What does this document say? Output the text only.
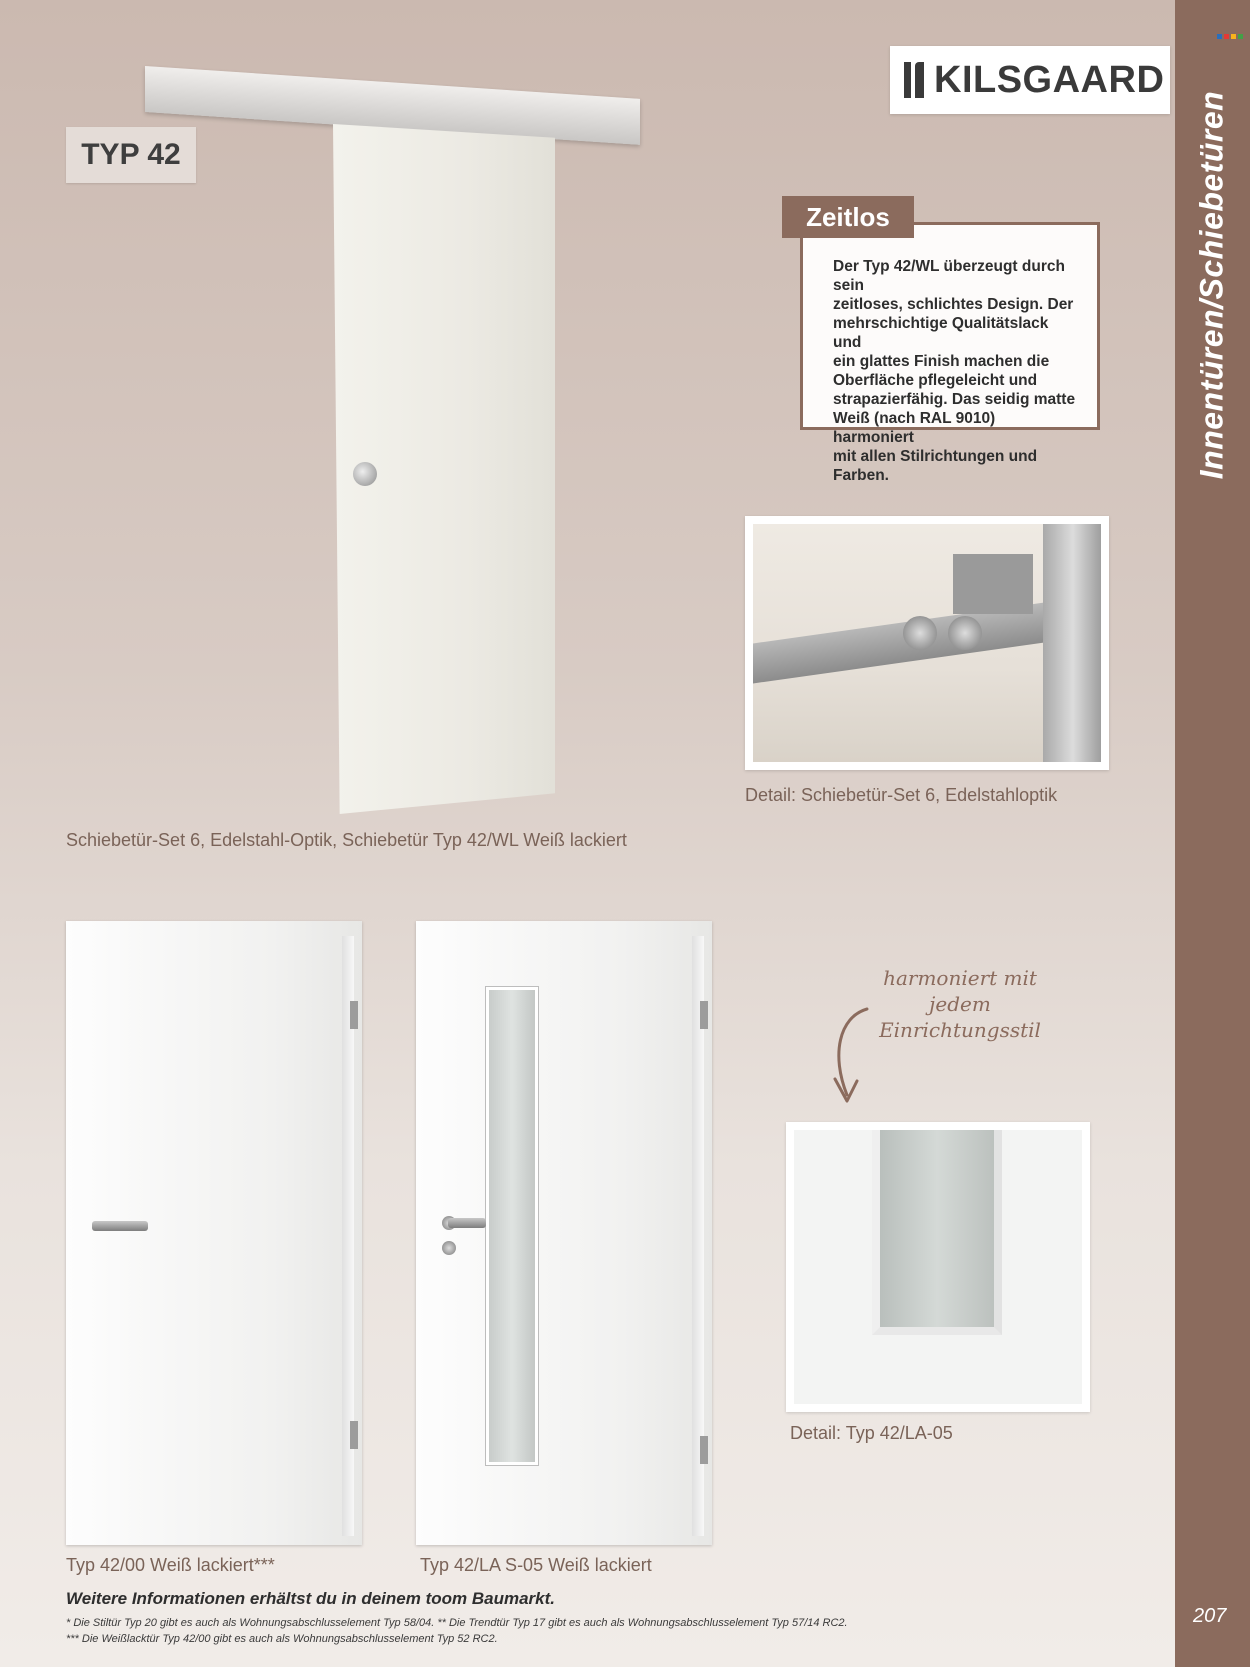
Innentüren/Schiebetüren
207
KILSGAARD
TYP 42
Schiebetür-Set 6, Edelstahl-Optik, Schiebetür Typ 42/WL Weiß lackiert
Der Typ 42/WL überzeugt durch sein
zeitloses, schlichtes Design. Der
mehrschichtige Qualitätslack und
ein glattes Finish machen die
Oberfläche pflegeleicht und
strapazierfähig. Das seidig matte
Weiß (nach RAL 9010) harmoniert
mit allen Stilrichtungen und Farben.
Zeitlos
Detail: Schiebetür-Set 6, Edelstahloptik
Typ 42/00 Weiß lackiert***	Typ 42/LA S-05 Weiß lackiert
harmoniert mit jedem
Einrichtungsstil
Detail: Typ 42/LA-05
Weitere Informationen erhältst du in deinem toom Baumarkt.
* Die Stiltür Typ 20 gibt es auch als Wohnungsabschlusselement Typ 58/04. ** Die Trendtür Typ 17 gibt es auch als Wohnungsabschlusselement Typ 57/14 RC2.
*** Die Weißlacktür Typ 42/00 gibt es auch als Wohnungsabschlusselement Typ 52 RC2.
